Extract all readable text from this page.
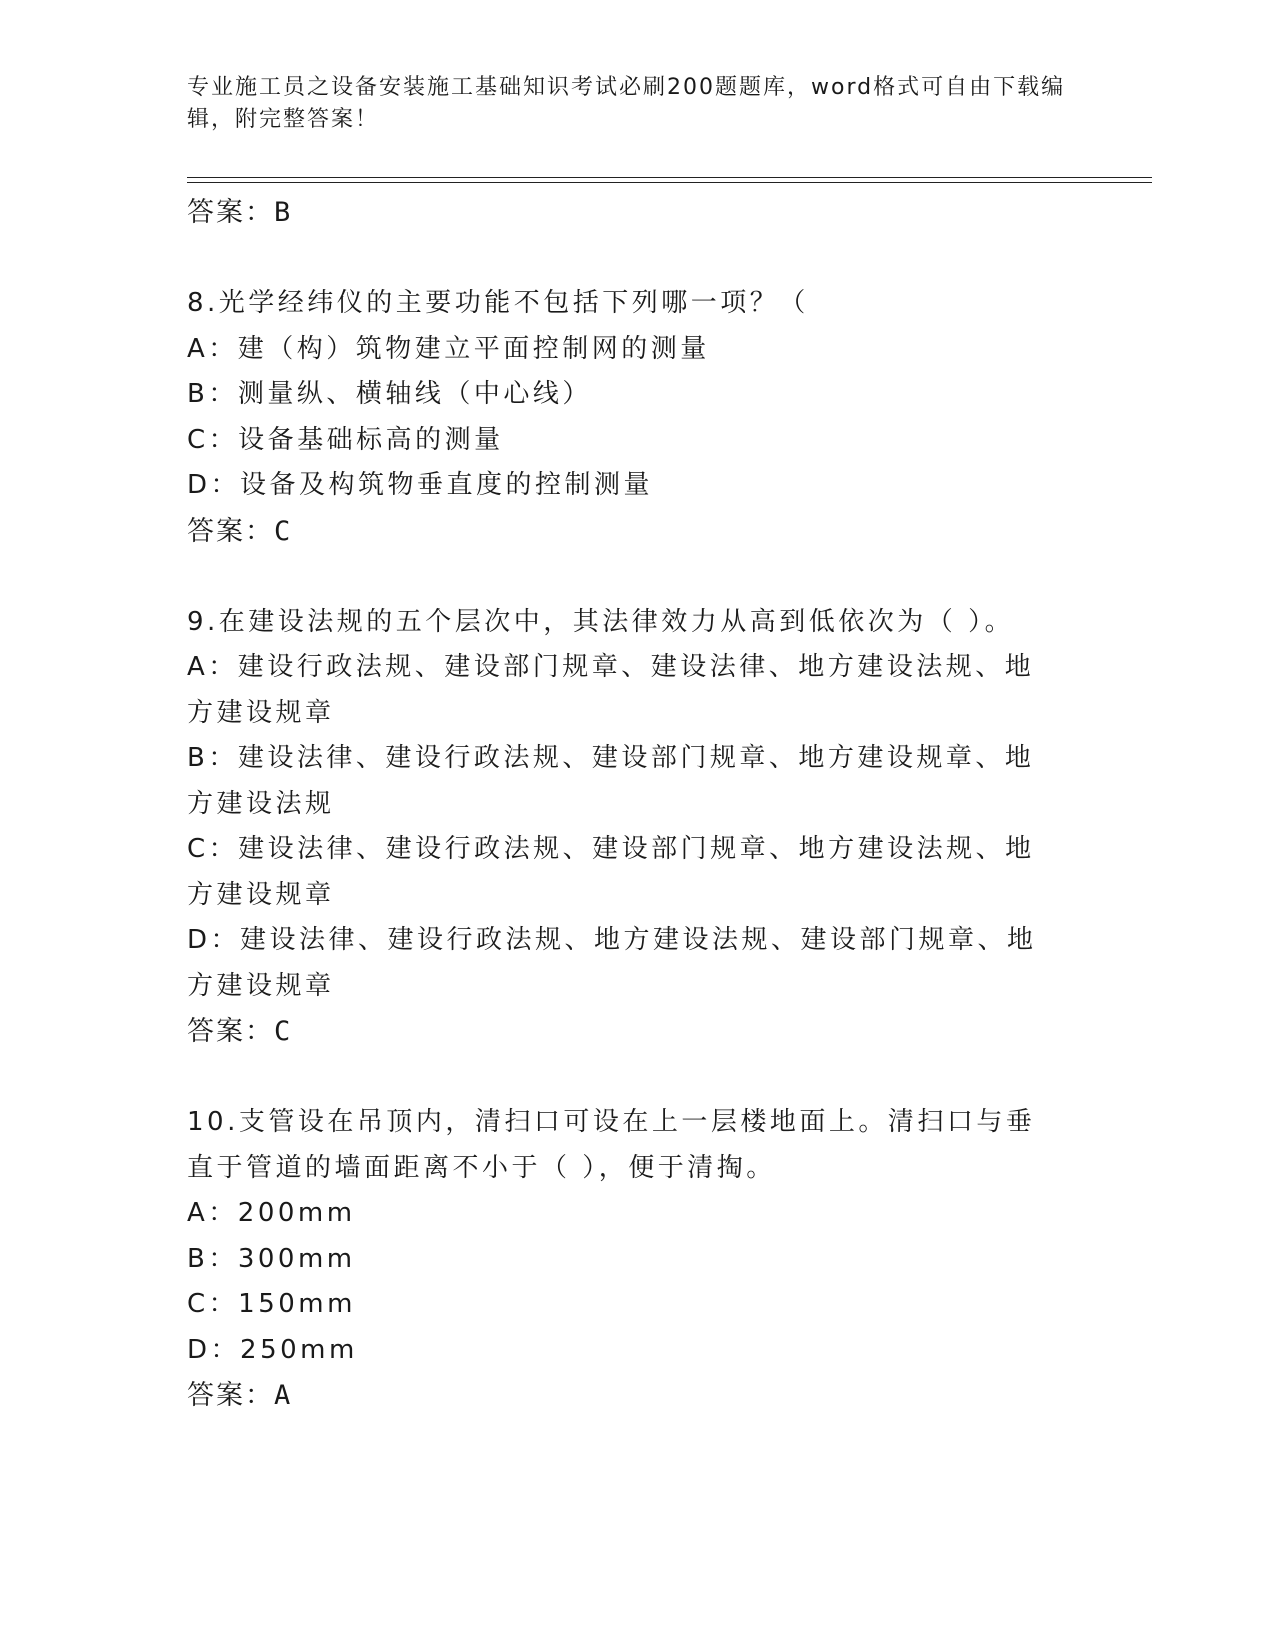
专业施工员之设备安装施工基础知识考试必刷200题题库，word格式可自由下载编辑，附完整答案！
答案：B
8.光学经纬仪的主要功能不包括下列哪一项？（
A：建（构）筑物建立平面控制网的测量
B：测量纵、横轴线（中心线）
C：设备基础标高的测量
D：设备及构筑物垂直度的控制测量
答案：C
9.在建设法规的五个层次中，其法律效力从高到低依次为（ ）。
A：建设行政法规、建设部门规章、建设法律、地方建设法规、地方建设规章
B：建设法律、建设行政法规、建设部门规章、地方建设规章、地方建设法规
C：建设法律、建设行政法规、建设部门规章、地方建设法规、地方建设规章
D：建设法律、建设行政法规、地方建设法规、建设部门规章、地方建设规章
答案：C
10.支管设在吊顶内，清扫口可设在上一层楼地面上。清扫口与垂直于管道的墙面距离不小于（ ），便于清掏。
A：200mm
B：300mm
C：150mm
D：250mm
答案：A
